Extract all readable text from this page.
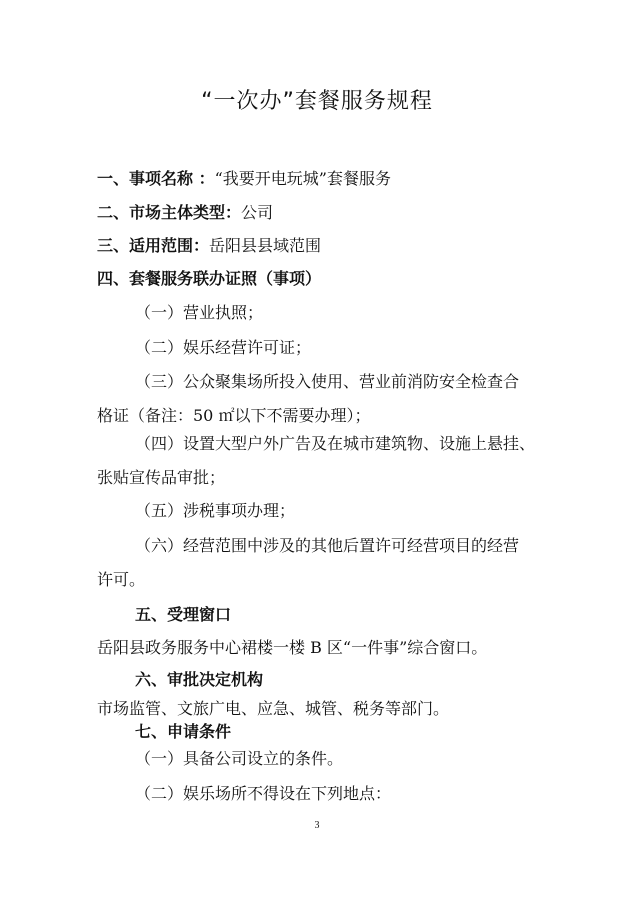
“一次办”套餐服务规程
一、事项名称 ：“我要开电玩城”套餐服务
二、市场主体类型：公司
三、适用范围：岳阳县县域范围
四、套餐服务联办证照（事项）
（一）营业执照；
（二）娱乐经营许可证；
（三）公众聚集场所投入使用、营业前消防安全检查合
格证（备注：50 ㎡以下不需要办理）；
（四）设置大型户外广告及在城市建筑物、设施上悬挂、
张贴宣传品审批；
（五）涉税事项办理；
（六）经营范围中涉及的其他后置许可经营项目的经营
许可。
五、受理窗口
岳阳县政务服务中心裙楼一楼 B 区“一件事”综合窗口。
六、审批决定机构
市场监管、文旅广电、应急、城管、税务等部门。
七、申请条件
（一）具备公司设立的条件。
（二）娱乐场所不得设在下列地点：
3
